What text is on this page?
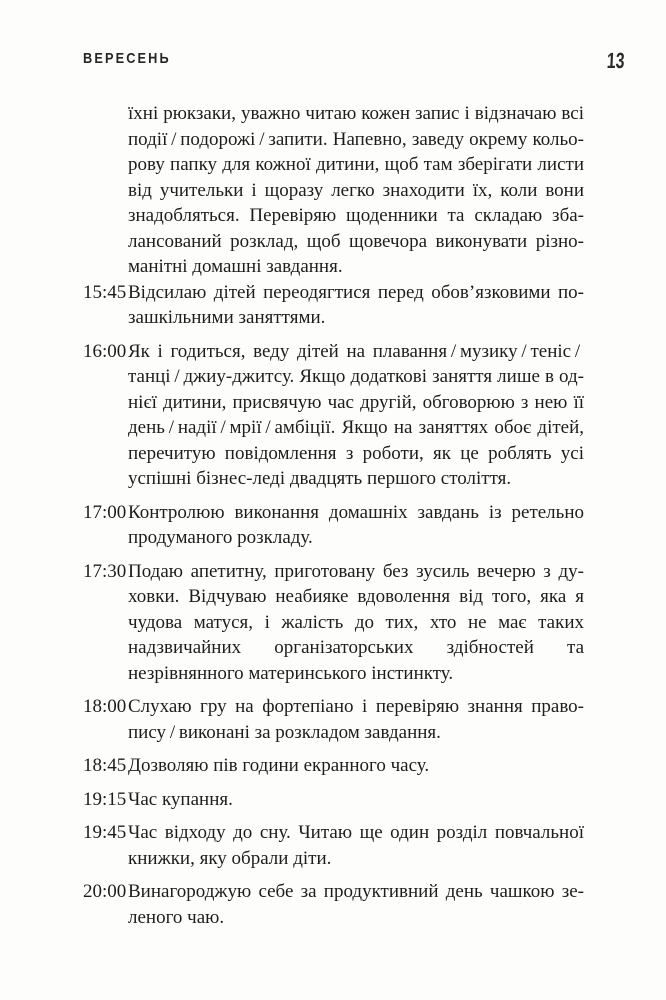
ВЕРЕСЕНЬ	13

їхні рюкзаки, уважно читаю кожен запис і відзначаю всі події / подорожі / запити. Напевно, заведу окрему кольорову папку для кожної дитини, щоб там зберігати листи від учительки і щоразу легко знаходити їх, коли вони знадобляться. Перевіряю щоденники та складаю збалансований розклад, щоб щовечора виконувати різноманітні домашні завдання.

15:45 Відсилаю дітей переодягтися перед обов’язковими позашкільними заняттями.

16:00 Як і годиться, веду дітей на плавання / музику / теніс / танці / джиу-джитсу. Якщо додаткові заняття лише в однієї дитини, присвячую час другій, обговорюю з нею її день / надії / мрії / амбіції. Якщо на заняттях обоє дітей, перечитую повідомлення з роботи, як це роблять усі успішні бізнес-леді двадцять першого століття.

17:00 Контролюю виконання домашніх завдань із ретельно продуманого розкладу.

17:30 Подаю апетитну, приготовану без зусиль вечерю з духовки. Відчуваю неабияке вдоволення від того, яка я чудова матуся, і жалість до тих, хто не має таких надзвичайних організаторських здібностей та незрівнянного материнського інстинкту.

18:00 Слухаю гру на фортепіано і перевіряю знання правопису / виконані за розкладом завдання.

18:45 Дозволяю пів години екранного часу.

19:15 Час купання.

19:45 Час відходу до сну. Читаю ще один розділ повчальної книжки, яку обрали діти.

20:00 Винагороджую себе за продуктивний день чашкою зеленого чаю.
